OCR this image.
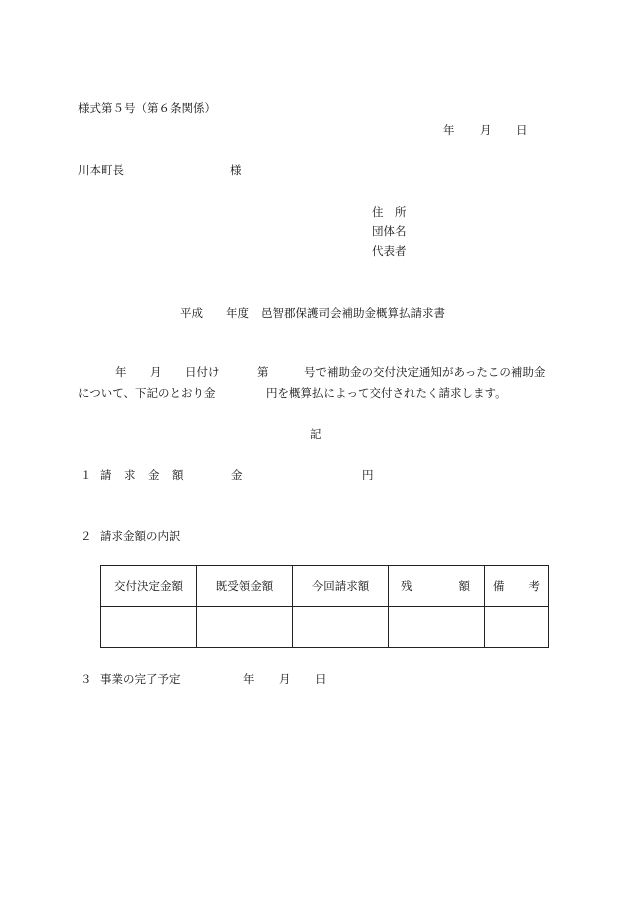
様式第５号（第６条関係）
年 月 日
川本町長	様
住　所
団体名
代表者
平成 年度 邑智郡保護司会補助金概算払請求書
年 月 日付け	第	号で補助金の交付決定通知があったこの補助金
について、下記のとおり金	円を概算払によって交付されたく請求します。
記
１ 請 求 金 額	金	円
２ 請求金額の内訳
交付決定金額	既受領金額	今回請求額	残 額	備 考

３ 事業の完了予定	年 月 日
